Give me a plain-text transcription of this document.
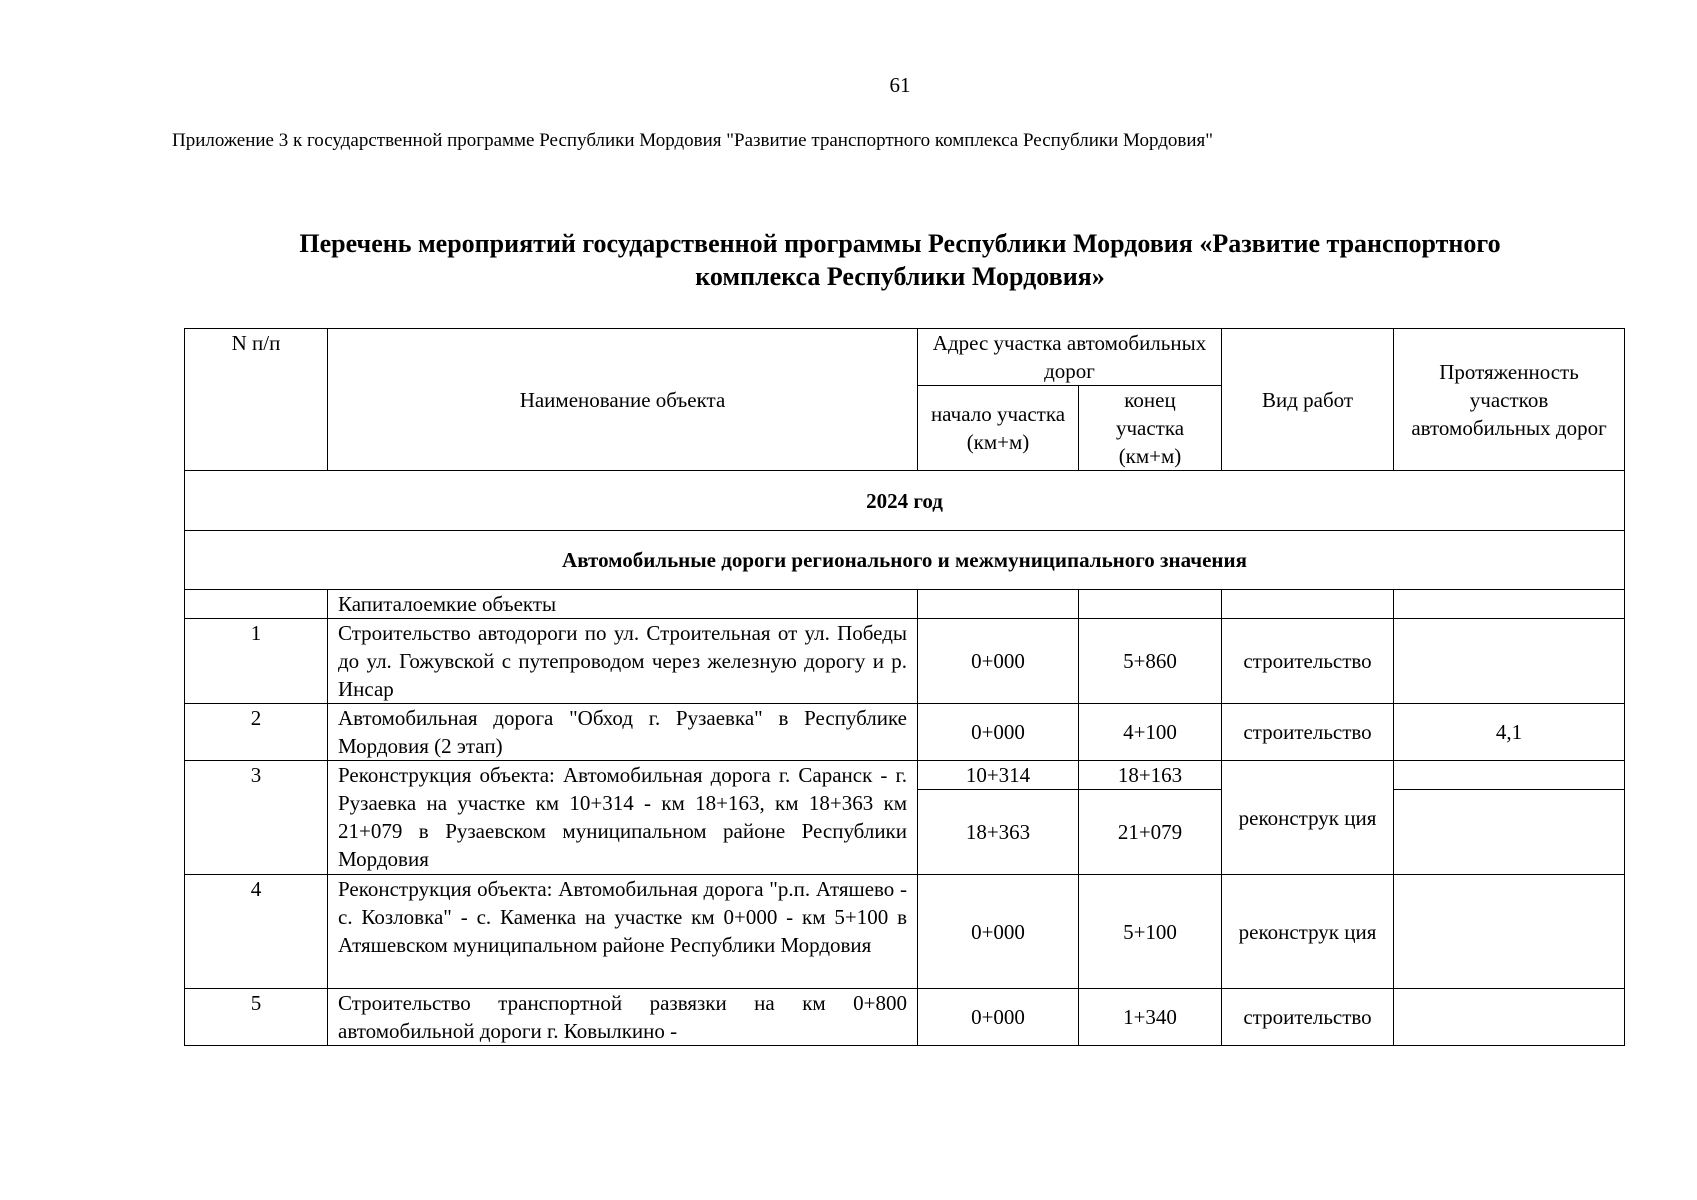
61
Приложение 3 к государственной программе Республики Мордовия "Развитие транспортного комплекса Республики Мордовия"
Перечень мероприятий государственной программы Республики Мордовия «Развитие транспортного
комплекса Республики Мордовия»
N п/п	Наименование объекта	Адрес участка автомобильных дорог		Вид работ	Протяженность участков автомобильных дорог
		начало участка (км+м)	конец участка (км+м)		
2024 год					
Автомобильные дороги регионального и межмуниципального значения					
	Капиталоемкие объекты				
1	Строительство автодороги по ул. Строительная от ул. Победы до ул. Гожувской с путепроводом через железную дорогу и р. Инсар	0+000	5+860	строительство	
2	Автомобильная дорога "Обход г. Рузаевка" в Республике Мордовия (2 этап)	0+000	4+100	строительство	4,1
3	Реконструкция объекта: Автомобильная дорога г. Саранск - г. Рузаевка на участке км 10+314 - км 18+163, км 18+363 км 21+079 в Рузаевском муниципальном районе Республики Мордовия	10+314	18+163	реконструк ция	
		18+363	21+079		
4	Реконструкция объекта: Автомобильная дорога "р.п. Атяшево - с. Козловка" - с. Каменка на участке км 0+000 - км 5+100 в Атяшевском муниципальном районе Республики Мордовия	0+000	5+100	реконструк ция	
5	Строительство транспортной развязки на км 0+800 автомобильной дороги г. Ковылкино -	0+000	1+340	строительство	
